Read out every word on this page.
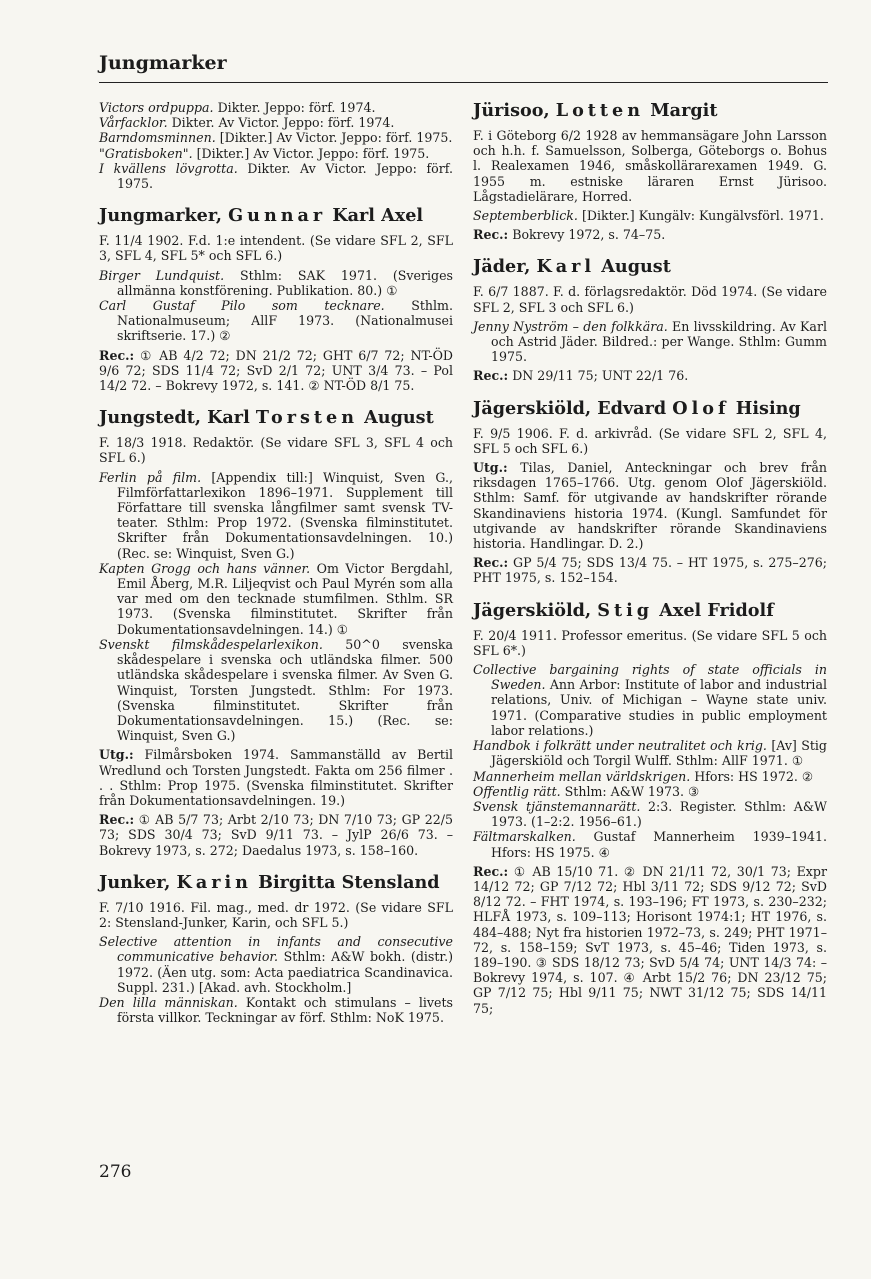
Jungmarker

Victors ordpuppa. Dikter. Jeppo: förf. 1974.

Vårfacklor. Dikter. Av Victor. Jeppo: förf. 1974.

Barndomsminnen. [Dikter.] Av Victor. Jeppo: förf. 1975.

"Gratisboken". [Dikter.] Av Victor. Jeppo: förf. 1975.

I kvällens lövgrotta. Dikter. Av Victor. Jeppo: förf. 1975.

Jungmarker, Gunnar Karl Axel

F. 11/4 1902. F.d. 1:e intendent. (Se vidare SFL 2, SFL 3, SFL 4, SFL 5* och SFL 6.)

Birger Lundquist. Sthlm: SAK 1971. (Sveriges allmänna konstförening. Publikation. 80.) ①

Carl Gustaf Pilo som tecknare. Sthlm. Nationalmuseum; AllF 1973. (Nationalmusei skriftserie. 17.) ②

Rec.: ① AB 4/2 72; DN 21/2 72; GHT 6/7 72; NT-ÖD 9/6 72; SDS 11/4 72; SvD 2/1 72; UNT 3/4 73. – Pol 14/2 72. – Bokrevy 1972, s. 141. ② NT-ÖD 8/1 75.

Jungstedt, Karl Torsten August

F. 18/3 1918. Redaktör. (Se vidare SFL 3, SFL 4 och SFL 6.)

Ferlin på film. [Appendix till:] Winquist, Sven G., Filmförfattarlexikon 1896–1971. Supplement till Författare till svenska långfilmer samt svensk TV-teater. Sthlm: Prop 1972. (Svenska filminstitutet. Skrifter från Dokumentationsavdelningen. 10.) (Rec. se: Winquist, Sven G.)

Kapten Grogg och hans vänner. Om Victor Bergdahl, Emil Åberg, M.R. Liljeqvist och Paul Myrén som alla var med om den tecknade stumfilmen. Sthlm. SR 1973. (Svenska filminstitutet. Skrifter från Dokumentationsavdelningen. 14.) ①

Svenskt filmskådespelarlexikon. 50^0 svenska skådespelare i svenska och utländska filmer. 500 utländska skådespelare i svenska filmer. Av Sven G. Winquist, Torsten Jungstedt. Sthlm: For 1973. (Svenska filminstitutet. Skrifter från Dokumentationsavdelningen. 15.) (Rec. se: Winquist, Sven G.)

Utg.: Filmårsboken 1974. Sammanställd av Bertil Wredlund och Torsten Jungstedt. Fakta om 256 filmer . . . Sthlm: Prop 1975. (Svenska filminstitutet. Skrifter från Dokumentationsavdelningen. 19.)

Rec.: ① AB 5/7 73; Arbt 2/10 73; DN 7/10 73; GP 22/5 73; SDS 30/4 73; SvD 9/11 73. – JylP 26/6 73. – Bokrevy 1973, s. 272; Daedalus 1973, s. 158–160.

Junker, Karin Birgitta Stensland

F. 7/10 1916. Fil. mag., med. dr 1972. (Se vidare SFL 2: Stensland-Junker, Karin, och SFL 5.)

Selective attention in infants and consecutive communicative behavior. Sthlm: A&W bokh. (distr.) 1972. (Äen utg. som: Acta paediatrica Scandinavica. Suppl. 231.) [Akad. avh. Stockholm.]

Den lilla människan. Kontakt och stimulans – livets första villkor. Teckningar av förf. Sthlm: NoK 1975.

Jürisoo, Lotten Margit

F. i Göteborg 6/2 1928 av hemmansägare John Larsson och h.h. f. Samuelsson, Solberga, Göteborgs o. Bohus l. Realexamen 1946, småskollärarexamen 1949. G. 1955 m. estniske läraren Ernst Jürisoo. Lågstadielärare, Horred.

Septemberblick. [Dikter.] Kungälv: Kungälvsförl. 1971.

Rec.: Bokrevy 1972, s. 74–75.

Jäder, Karl August

F. 6/7 1887. F. d. förlagsredaktör. Död 1974. (Se vidare SFL 2, SFL 3 och SFL 6.)

Jenny Nyström – den folkkära. En livsskildring. Av Karl och Astrid Jäder. Bildred.: per Wange. Sthlm: Gumm 1975.

Rec.: DN 29/11 75; UNT 22/1 76.

Jägerskiöld, Edvard Olof Hising

F. 9/5 1906. F. d. arkivråd. (Se vidare SFL 2, SFL 4, SFL 5 och SFL 6.)

Utg.: Tilas, Daniel, Anteckningar och brev från riksdagen 1765–1766. Utg. genom Olof Jägerskiöld. Sthlm: Samf. för utgivande av handskrifter rörande Skandinaviens historia 1974. (Kungl. Samfundet för utgivande av handskrifter rörande Skandinaviens historia. Handlingar. D. 2.)

Rec.: GP 5/4 75; SDS 13/4 75. – HT 1975, s. 275–276; PHT 1975, s. 152–154.

Jägerskiöld, Stig Axel Fridolf

F. 20/4 1911. Professor emeritus. (Se vidare SFL 5 och SFL 6*.)

Collective bargaining rights of state officials in Sweden. Ann Arbor: Institute of labor and industrial relations, Univ. of Michigan – Wayne state univ. 1971. (Comparative studies in public employment labor relations.)

Handbok i folkrätt under neutralitet och krig. [Av] Stig Jägerskiöld och Torgil Wulff. Sthlm: AllF 1971. ①

Mannerheim mellan världskrigen. Hfors: HS 1972. ②

Offentlig rätt. Sthlm: A&W 1973. ③

Svensk tjänstemannarätt. 2:3. Register. Sthlm: A&W 1973. (1–2:2. 1956–61.)

Fältmarskalken. Gustaf Mannerheim 1939–1941. Hfors: HS 1975. ④

Rec.: ① AB 15/10 71. ② DN 21/11 72, 30/1 73; Expr 14/12 72; GP 7/12 72; Hbl 3/11 72; SDS 9/12 72; SvD 8/12 72. – FHT 1974, s. 193–196; FT 1973, s. 230–232; HLFÅ 1973, s. 109–113; Horisont 1974:1; HT 1976, s. 484–488; Nyt fra historien 1972–73, s. 249; PHT 1971–72, s. 158–159; SvT 1973, s. 45–46; Tiden 1973, s. 189–190. ③ SDS 18/12 73; SvD 5/4 74; UNT 14/3 74: – Bokrevy 1974, s. 107. ④ Arbt 15/2 76; DN 23/12 75; GP 7/12 75; Hbl 9/11 75; NWT 31/12 75; SDS 14/11 75;

276
